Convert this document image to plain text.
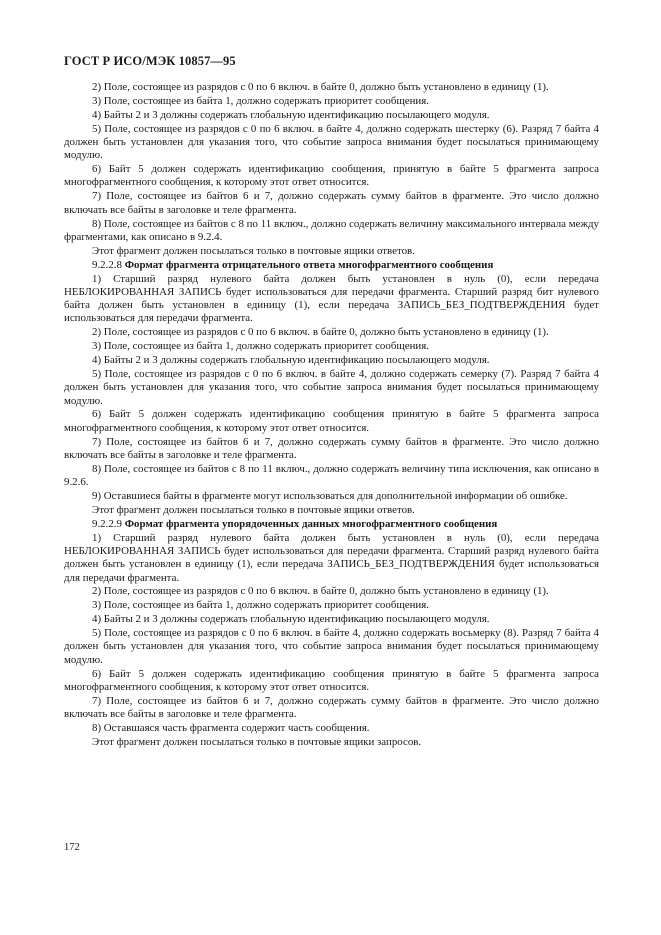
ГОСТ Р ИСО/МЭК 10857—95

2) Поле, состоящее из разрядов с 0 по 6 включ. в байте 0, должно быть установлено в единицу (1).

3) Поле, состоящее из байта 1, должно содержать приоритет сообщения.

4) Байты 2 и 3 должны содержать глобальную идентификацию посылающего модуля.

5) Поле, состоящее из разрядов с 0 по 6 включ. в байте 4, должно содержать шестерку (6). Разряд 7 байта 4 должен быть установлен для указания того, что событие запроса внимания будет посылаться принимающему модулю.

6) Байт 5 должен содержать идентификацию сообщения, принятую в байте 5 фрагмента запроса многофрагментного сообщения, к которому этот ответ относится.

7) Поле, состоящее из байтов 6 и 7, должно содержать сумму байтов в фрагменте. Это число должно включать все байты в заголовке и теле фрагмента.

8) Поле, состоящее из байтов с 8 по 11 включ., должно содержать величину максимального интервала между фрагментами, как описано в 9.2.4.

Этот фрагмент должен посылаться только в почтовые ящики ответов.

9.2.2.8 Формат фрагмента отрицательного ответа многофрагментного сообщения

1) Старший разряд нулевого байта должен быть установлен в нуль (0), если передача НЕБЛОКИРОВАННАЯ ЗАПИСЬ будет использоваться для передачи фрагмента. Старший разряд бит нулевого байта должен быть установлен в единицу (1), если передача ЗАПИСЬ_БЕЗ_ПОДТВЕРЖДЕНИЯ будет использоваться для передачи фрагмента.

2) Поле, состоящее из разрядов с 0 по 6 включ. в байте 0, должно быть установлено в единицу (1).

3) Поле, состоящее из байта 1, должно содержать приоритет сообщения.

4) Байты 2 и 3 должны содержать глобальную идентификацию посылающего модуля.

5) Поле, состоящее из разрядов с 0 по 6 включ. в байте 4, должно содержать семерку (7). Разряд 7 байта 4 должен быть установлен для указания того, что событие запроса внимания будет посылаться принимающему модулю.

6) Байт 5 должен содержать идентификацию сообщения принятую в байте 5 фрагмента запроса многофрагментного сообщения, к которому этот ответ относится.

7) Поле, состоящее из байтов 6 и 7, должно содержать сумму байтов в фрагменте. Это число должно включать все байты в заголовке и теле фрагмента.

8) Поле, состоящее из байтов с 8 по 11 включ., должно содержать величину типа исключения, как описано в 9.2.6.

9) Оставшиеся байты в фрагменте могут использоваться для дополнительной информации об ошибке.

Этот фрагмент должен посылаться только в почтовые ящики ответов.

9.2.2.9 Формат фрагмента упорядоченных данных многофрагментного сообщения

1) Старший разряд нулевого байта должен быть установлен в нуль (0), если передача НЕБЛОКИРОВАННАЯ ЗАПИСЬ будет использоваться для передачи фрагмента. Старший разряд нулевого байта должен быть установлен в единицу (1), если передача ЗАПИСЬ_БЕЗ_ПОДТВЕРЖДЕНИЯ будет использоваться для передачи фрагмента.

2) Поле, состоящее из разрядов с 0 по 6 включ. в байте 0, должно быть установлено в единицу (1).

3) Поле, состоящее из байта 1, должно содержать приоритет сообщения.

4) Байты 2 и 3 должны содержать глобальную идентификацию посылающего модуля.

5) Поле, состоящее из разрядов с 0 по 6 включ. в байте 4, должно содержать восьмерку (8). Разряд 7 байта 4 должен быть установлен для указания того, что событие запроса внимания будет посылаться принимающему модулю.

6) Байт 5 должен содержать идентификацию сообщения принятую в байте 5 фрагмента запроса многофрагментного сообщения, к которому этот ответ относится.

7) Поле, состоящее из байтов 6 и 7, должно содержать сумму байтов в фрагменте. Это число должно включать все байты в заголовке и теле фрагмента.

8) Оставшаяся часть фрагмента содержит часть сообщения.

Этот фрагмент должен посылаться только в почтовые ящики запросов.

172
